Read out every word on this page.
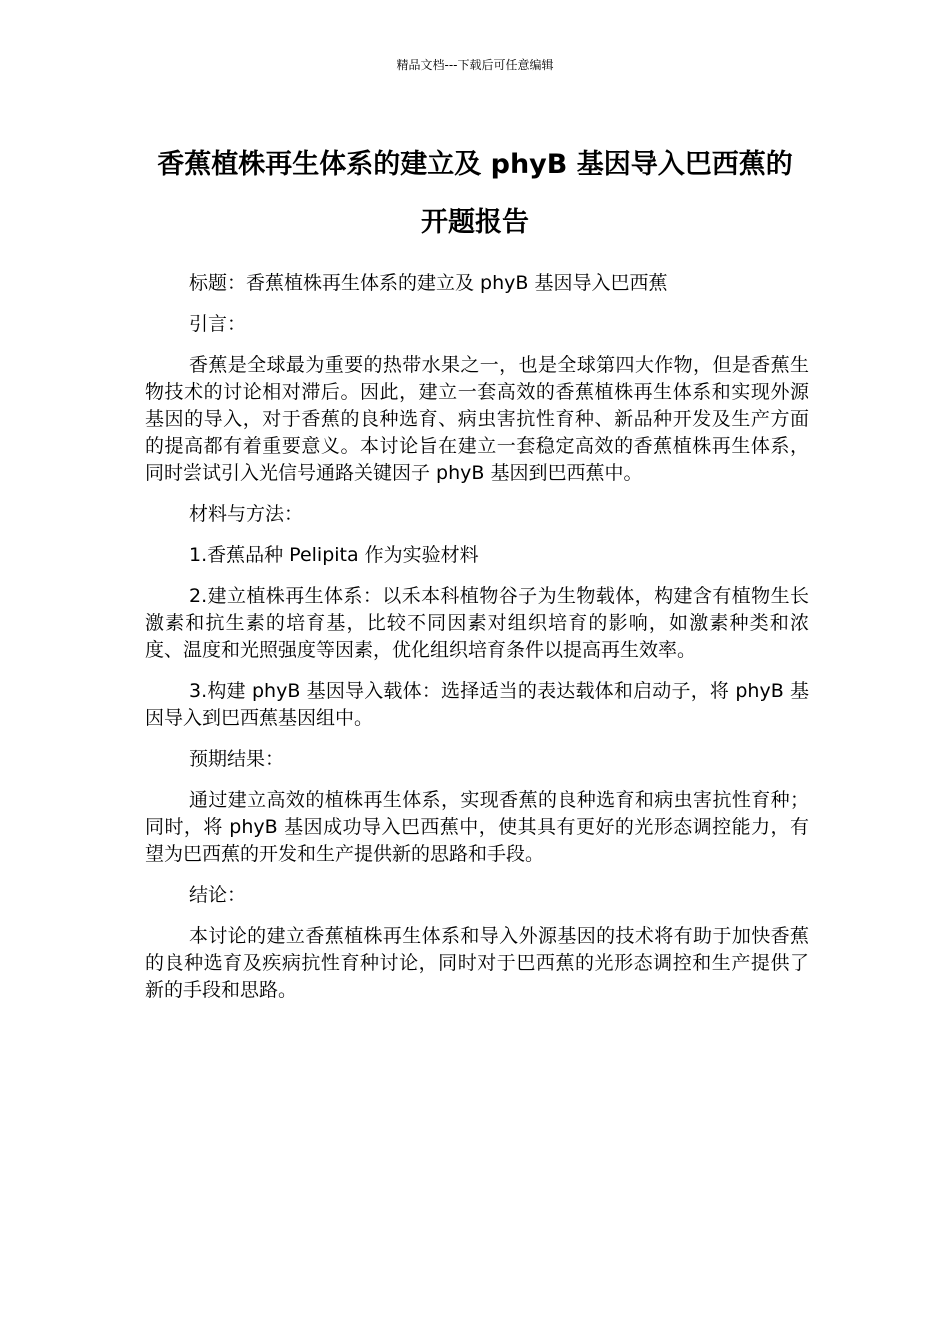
精品文档---下载后可任意编辑
香蕉植株再生体系的建立及 phyB 基因导入巴西蕉的
开题报告

标题：香蕉植株再生体系的建立及 phyB 基因导入巴西蕉

引言：

香蕉是全球最为重要的热带水果之一，也是全球第四大作物，但是香蕉生物技术的讨论相对滞后。因此，建立一套高效的香蕉植株再生体系和实现外源基因的导入，对于香蕉的良种选育、病虫害抗性育种、新品种开发及生产方面的提高都有着重要意义。本讨论旨在建立一套稳定高效的香蕉植株再生体系，同时尝试引入光信号通路关键因子 phyB 基因到巴西蕉中。

材料与方法：

1.香蕉品种 Pelipita 作为实验材料

2.建立植株再生体系：以禾本科植物谷子为生物载体，构建含有植物生长激素和抗生素的培育基，比较不同因素对组织培育的影响，如激素种类和浓度、温度和光照强度等因素，优化组织培育条件以提高再生效率。

3.构建 phyB 基因导入载体：选择适当的表达载体和启动子，将 phyB 基因导入到巴西蕉基因组中。

预期结果：

通过建立高效的植株再生体系，实现香蕉的良种选育和病虫害抗性育种；同时，将 phyB 基因成功导入巴西蕉中，使其具有更好的光形态调控能力，有望为巴西蕉的开发和生产提供新的思路和手段。

结论：

本讨论的建立香蕉植株再生体系和导入外源基因的技术将有助于加快香蕉的良种选育及疾病抗性育种讨论，同时对于巴西蕉的光形态调控和生产提供了新的手段和思路。
